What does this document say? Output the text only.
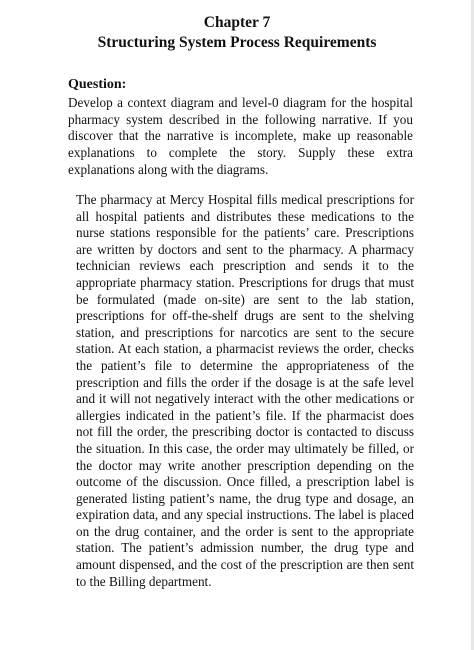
Chapter 7
Structuring System Process Requirements
Question:

Develop a context diagram and level-0 diagram for the hospital pharmacy system described in the following narrative. If you discover that the narrative is incomplete, make up reasonable explanations to complete the story. Supply these extra explanations along with the diagrams.

The pharmacy at Mercy Hospital fills medical prescriptions for all hospital patients and distributes these medications to the nurse stations responsible for the patients’ care. Prescriptions are written by doctors and sent to the pharmacy. A pharmacy technician reviews each prescription and sends it to the appropriate pharmacy station. Prescriptions for drugs that must be formulated (made on-site) are sent to the lab station, prescriptions for off-the-shelf drugs are sent to the shelving station, and prescriptions for narcotics are sent to the secure station. At each station, a pharmacist reviews the order, checks the patient’s file to determine the appropriateness of the prescription and fills the order if the dosage is at the safe level and it will not negatively interact with the other medications or allergies indicated in the patient’s file. If the pharmacist does not fill the order, the prescribing doctor is contacted to discuss the situation. In this case, the order may ultimately be filled, or the doctor may write another prescription depending on the outcome of the discussion. Once filled, a prescription label is generated listing patient’s name, the drug type and dosage, an expiration data, and any special instructions. The label is placed on the drug container, and the order is sent to the appropriate station. The patient’s admission number, the drug type and amount dispensed, and the cost of the prescription are then sent to the Billing department.
